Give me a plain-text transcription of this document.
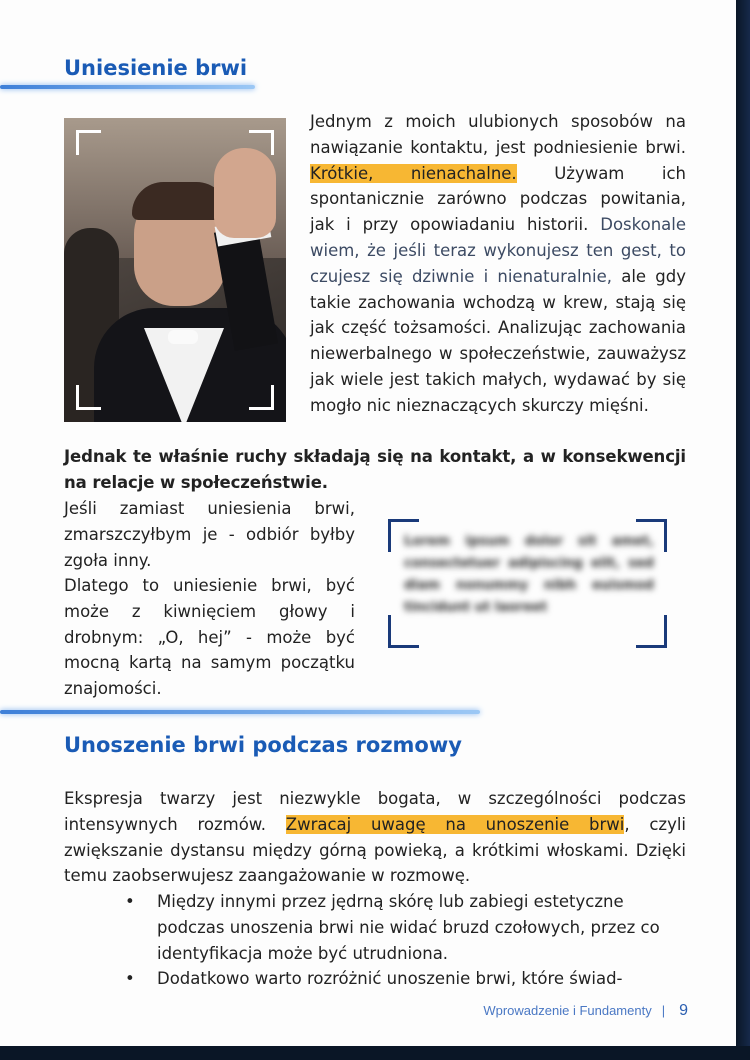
Uniesienie brwi
Jednym z moich ulubionych sposobów na nawiązanie kontaktu, jest podniesienie brwi. Krótkie, nienachalne. Używam ich spontanicznie zarówno podczas powitania, jak i przy opowiadaniu historii. Doskonale wiem, że jeśli teraz wykonujesz ten gest, to czujesz się dziwnie i nienaturalnie, ale gdy takie zachowania wchodzą w krew, stają się jak część tożsamości. Analizując zachowania niewerbalnego w społeczeństwie, zauważysz jak wiele jest takich małych, wydawać by się mogło nic nieznaczących skurczy mięśni.
Jednak te właśnie ruchy składają się na kontakt, a w konsekwencji na relacje w społeczeństwie.
Jeśli zamiast uniesienia brwi, zmarszczyłbym je - odbiór byłby zgoła inny.
Dlatego to uniesienie brwi, być może z kiwnięciem głowy i drobnym: „O, hej” - może być mocną kartą na samym początku znajomości.
Lorem ipsum dolor sit amet, consectetuer adipiscing elit, sed diam nonummy nibh euismod tincidunt ut laoreet
Unoszenie brwi podczas rozmowy
Ekspresja twarzy jest niezwykle bogata, w szczególności podczas intensywnych rozmów. Zwracaj uwagę na unoszenie brwi, czyli zwiększanie dystansu między górną powieką, a krótkimi włoskami. Dzięki temu zaobserwujesz zaangażowanie w rozmowę.
• Między innymi przez jędrną skórę lub zabiegi estetyczne podczas unoszenia brwi nie widać bruzd czołowych, przez co identyfikacja może być utrudniona.
• Dodatkowo warto rozróżnić unoszenie brwi, które świad-
Wprowadzenie i Fundamenty | 9
